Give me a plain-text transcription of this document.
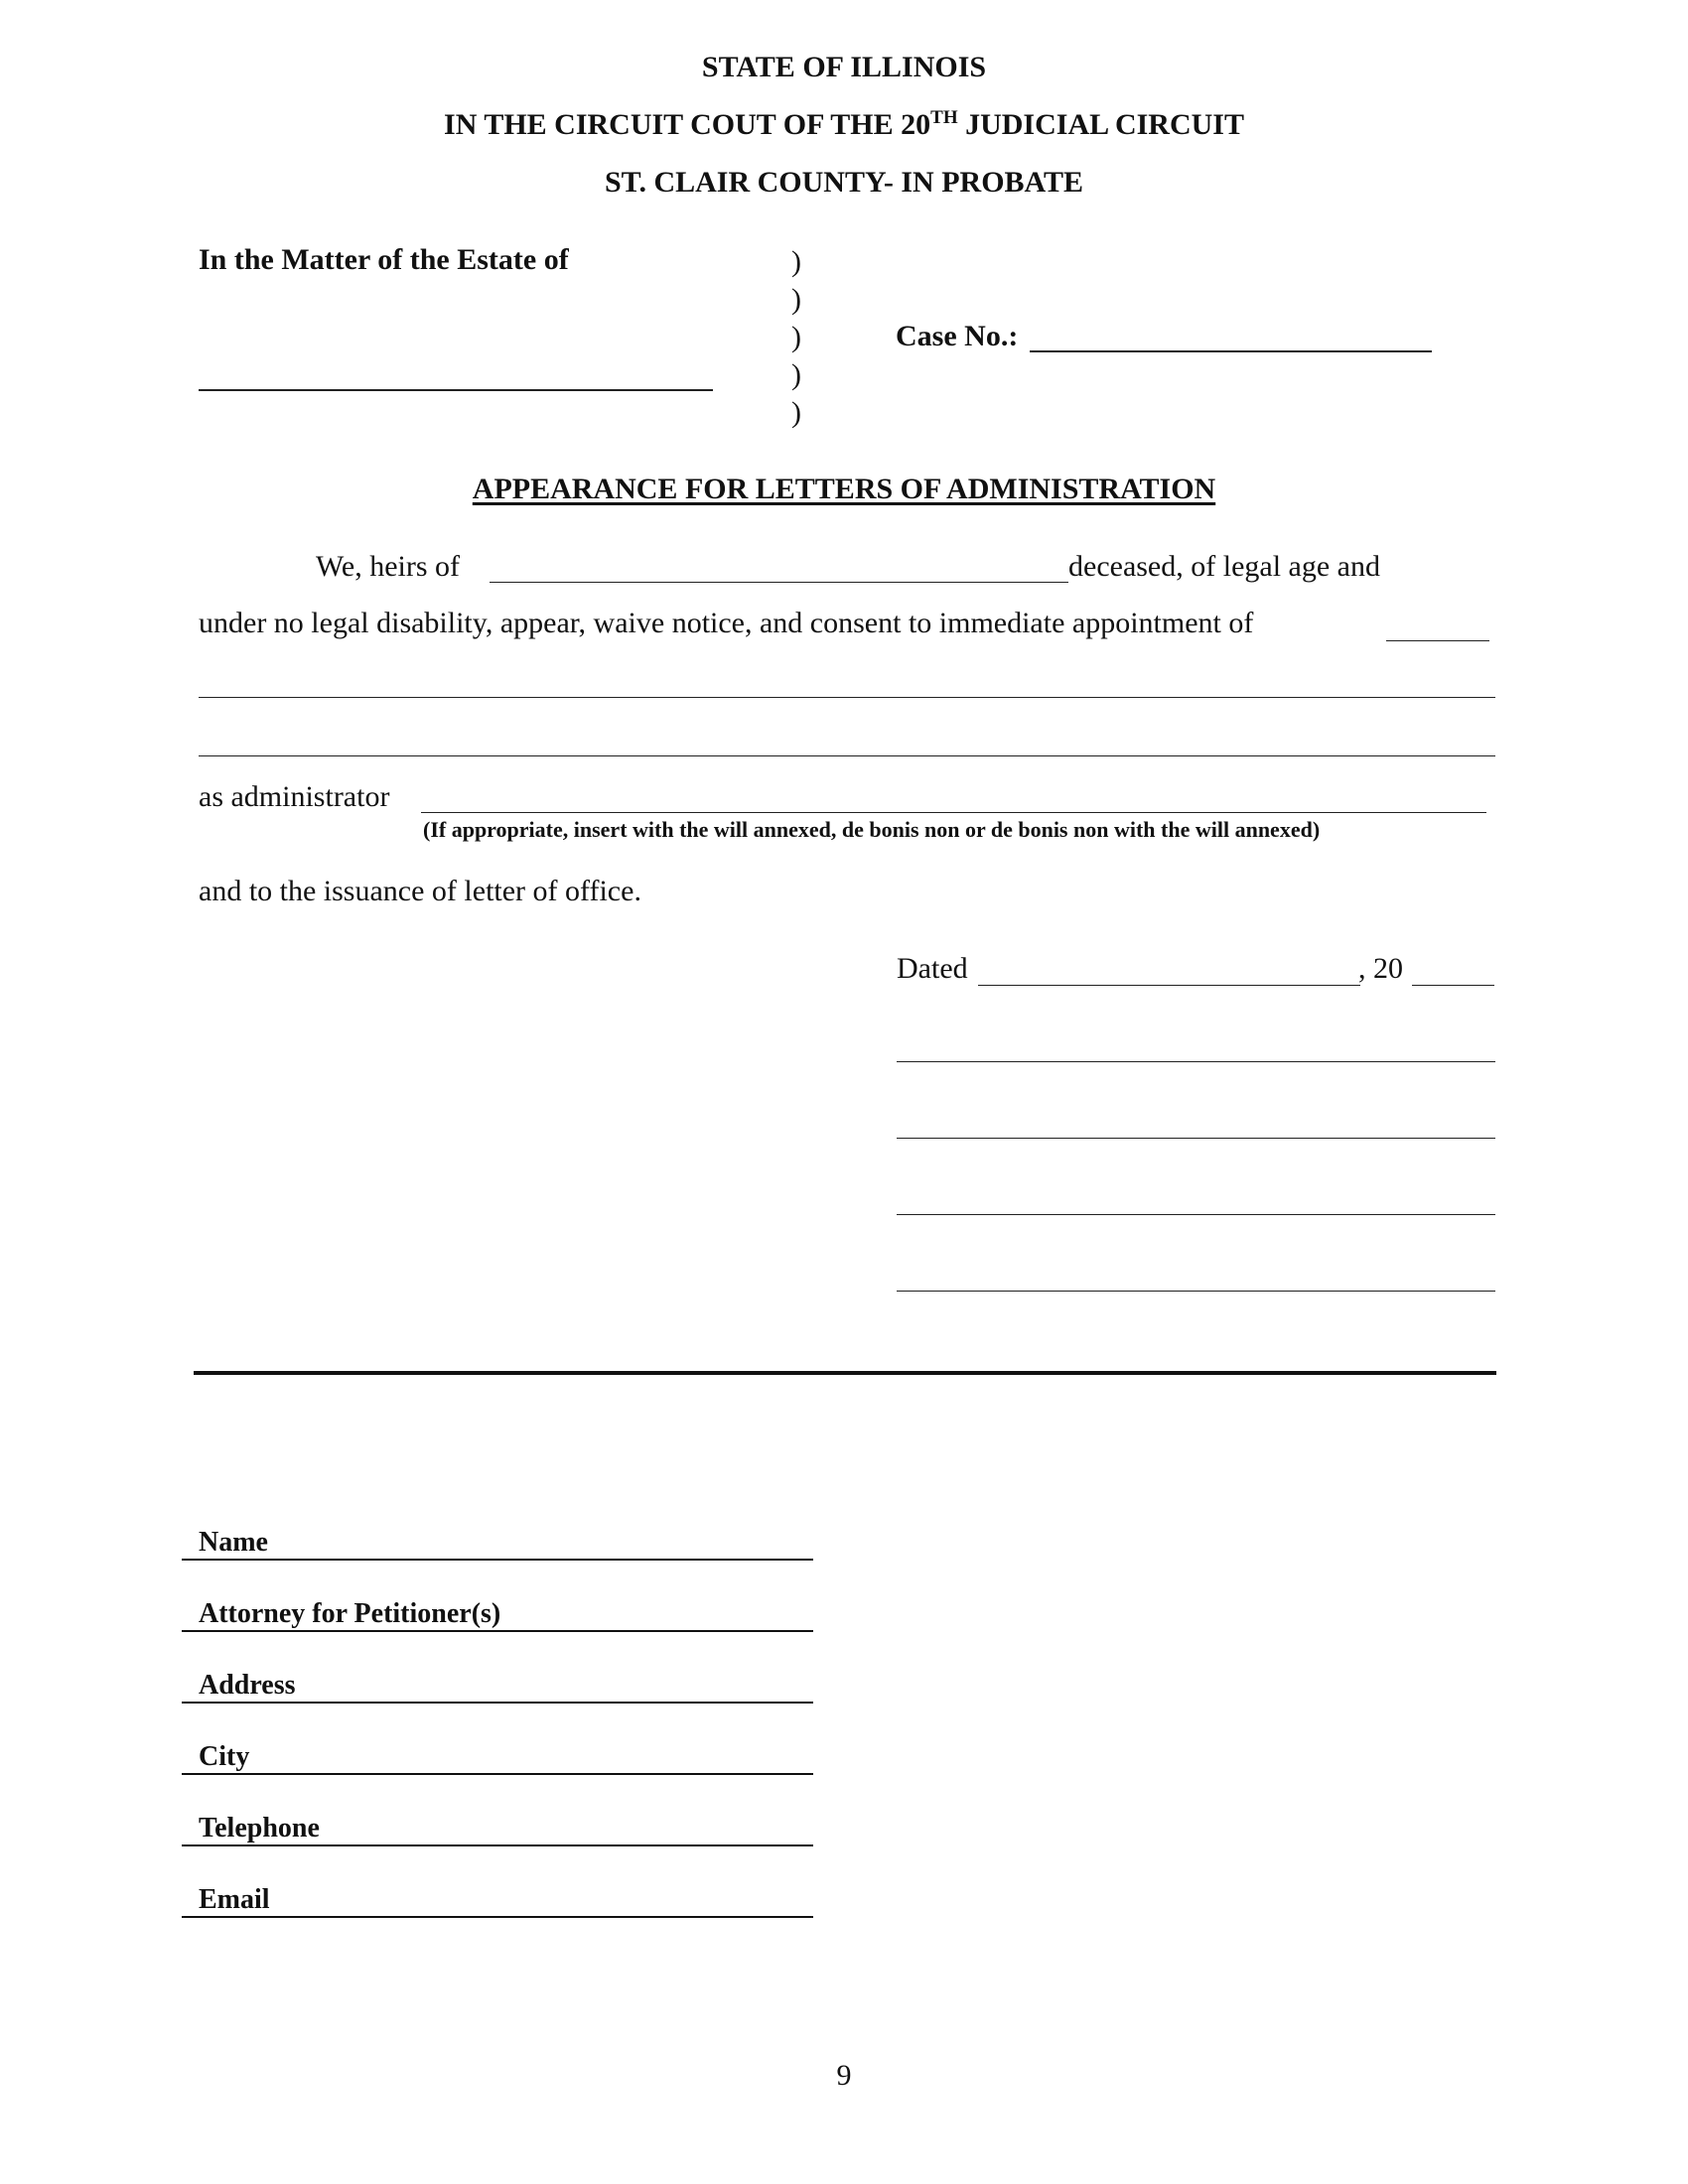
STATE OF ILLINOIS
IN THE CIRCUIT COUT OF THE 20TH JUDICIAL CIRCUIT
ST. CLAIR COUNTY- IN PROBATE
In the Matter of the Estate of	)
)
)
)
)
Case No.:
APPEARANCE FOR LETTERS OF ADMINISTRATION
We, heirs of	deceased, of legal age and
under no legal disability, appear, waive notice, and consent to immediate appointment of
as administrator
(If appropriate, insert with the will annexed, de bonis non or de bonis non with the will annexed)
and to the issuance of letter of office.
Dated	, 20
Name
Attorney for Petitioner(s)
Address
City
Telephone
Email
9
